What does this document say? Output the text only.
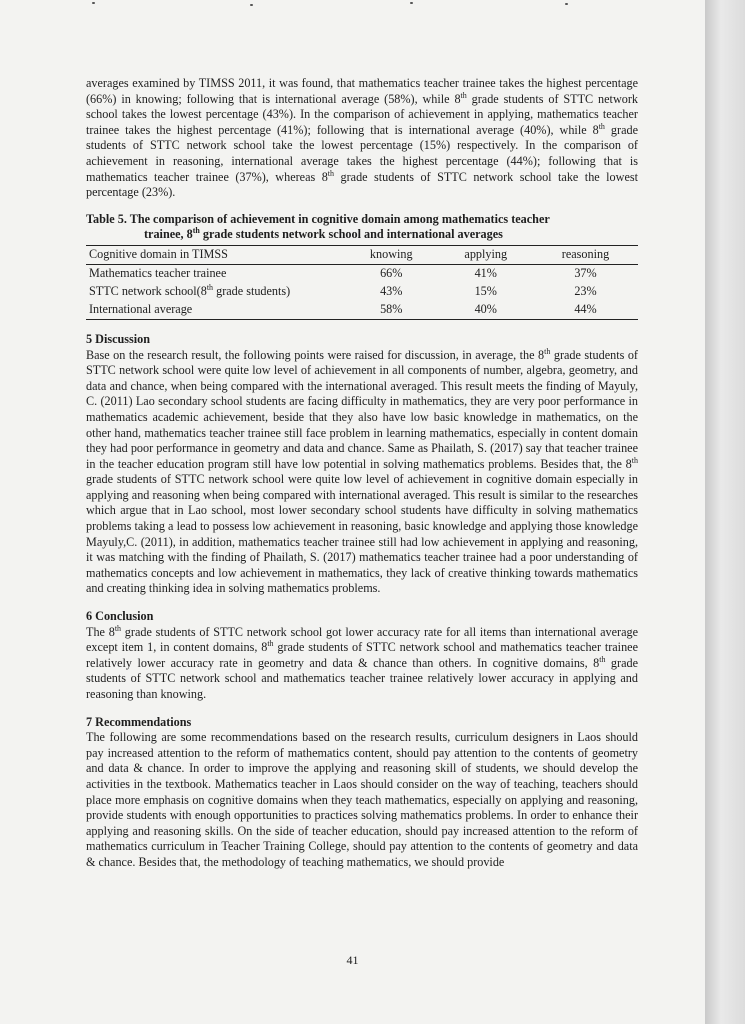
averages examined by TIMSS 2011, it was found, that mathematics teacher trainee takes the highest percentage (66%) in knowing; following that is international average (58%), while 8th grade students of STTC network school takes the lowest percentage (43%). In the comparison of achievement in applying, mathematics teacher trainee takes the highest percentage (41%); following that is international average (40%), while 8th grade students of STTC network school take the lowest percentage (15%) respectively. In the comparison of achievement in reasoning, international average takes the highest percentage (44%); following that is mathematics teacher trainee (37%), whereas 8th grade students of STTC network school take the lowest percentage (23%).

Table 5. The comparison of achievement in cognitive domain among mathematics teacher
trainee, 8th grade students network school and international averages
Cognitive domain in TIMSS	knowing	applying	reasoning
Mathematics teacher trainee	66%	41%	37%
STTC network school(8th grade students)	43%	15%	23%
International average	58%	40%	44%
5 Discussion

Base on the research result, the following points were raised for discussion, in average, the 8th grade students of STTC network school were quite low level of achievement in all components of number, algebra, geometry, and data and chance, when being compared with the international averaged. This result meets the finding of Mayuly, C. (2011) Lao secondary school students are facing difficulty in mathematics, they are very poor performance in mathematics academic achievement, beside that they also have low basic knowledge in mathematics, on the other hand, mathematics teacher trainee still face problem in learning mathematics, especially in content domain they had poor performance in geometry and data and chance. Same as Phailath, S. (2017) say that teacher trainee in the teacher education program still have low potential in solving mathematics problems. Besides that, the 8th grade students of STTC network school were quite low level of achievement in cognitive domain especially in applying and reasoning when being compared with international averaged. This result is similar to the researches which argue that in Lao school, most lower secondary school students have difficulty in solving mathematics problems taking a lead to possess low achievement in reasoning, basic knowledge and applying those knowledge Mayuly,C. (2011), in addition, mathematics teacher trainee still had low achievement in applying and reasoning, it was matching with the finding of Phailath, S. (2017) mathematics teacher trainee had a poor understanding of mathematics concepts and low achievement in mathematics, they lack of creative thinking towards mathematics and creating thinking idea in solving mathematics problems.

6 Conclusion

The 8th grade students of STTC network school got lower accuracy rate for all items than international average except item 1, in content domains, 8th grade students of STTC network school and mathematics teacher trainee relatively lower accuracy rate in geometry and data & chance than others. In cognitive domains, 8th grade students of STTC network school and mathematics teacher trainee relatively lower accuracy in applying and reasoning than knowing.

7 Recommendations

The following are some recommendations based on the research results, curriculum designers in Laos should pay increased attention to the reform of mathematics content, should pay attention to the contents of geometry and data & chance. In order to improve the applying and reasoning skill of students, we should develop the activities in the textbook. Mathematics teacher in Laos should consider on the way of teaching, teachers should place more emphasis on cognitive domains when they teach mathematics, especially on applying and reasoning, provide students with enough opportunities to practices solving mathematics problems. In order to enhance their applying and reasoning skills. On the side of teacher education, should pay increased attention to the reform of mathematics curriculum in Teacher Training College, should pay attention to the contents of geometry and data & chance. Besides that, the methodology of teaching mathematics, we should provide

41
